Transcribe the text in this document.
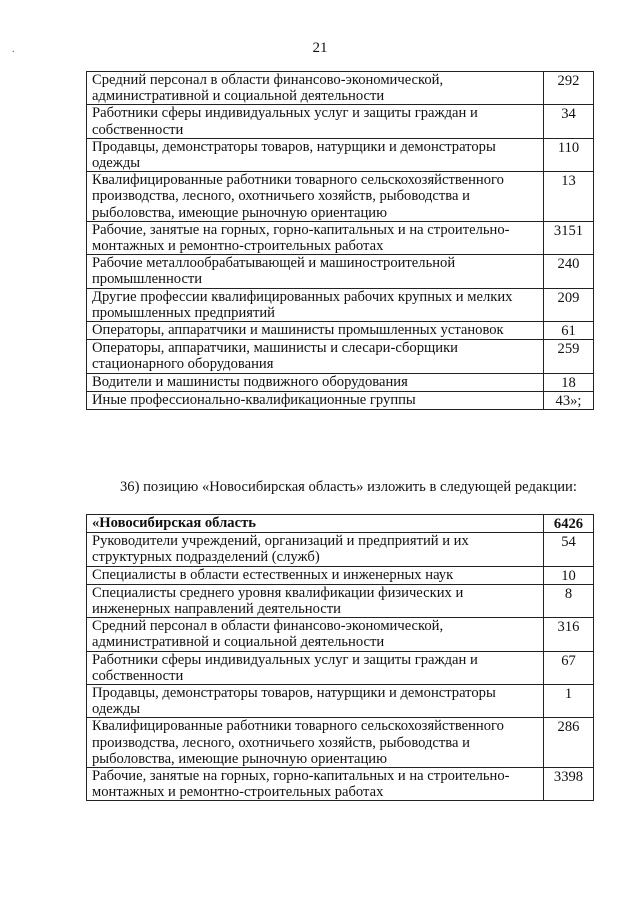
21
.
Средний персонал в области финансово-экономической, административной и социальной деятельности	292
Работники сферы индивидуальных услуг и защиты граждан и собственности	34
Продавцы, демонстраторы товаров, натурщики и демонстраторы одежды	110
Квалифицированные работники товарного сельскохозяйственного производства, лесного, охотничьего хозяйств, рыбоводства и рыболовства, имеющие рыночную ориентацию	13
Рабочие, занятые на горных, горно-капитальных и на строительно-монтажных и ремонтно-строительных работах	3151
Рабочие металлообрабатывающей и машиностроительной промышленности	240
Другие профессии квалифицированных рабочих крупных и мелких промышленных предприятий	209
Операторы, аппаратчики и машинисты промышленных установок	61
Операторы, аппаратчики, машинисты и слесари-сборщики стационарного оборудования	259
Водители и машинисты подвижного оборудования	18
Иные профессионально-квалификационные группы	43»;
36) позицию «Новосибирская область» изложить в следующей редакции:
«Новосибирская область	6426
Руководители учреждений, организаций и предприятий и их структурных подразделений (служб)	54
Специалисты в области естественных и инженерных наук	10
Специалисты среднего уровня квалификации физических и инженерных направлений деятельности	8
Средний персонал в области финансово-экономической, административной и социальной деятельности	316
Работники сферы индивидуальных услуг и защиты граждан и собственности	67
Продавцы, демонстраторы товаров, натурщики и демонстраторы одежды	1
Квалифицированные работники товарного сельскохозяйственного производства, лесного, охотничьего хозяйств, рыбоводства и рыболовства, имеющие рыночную ориентацию	286
Рабочие, занятые на горных, горно-капитальных и на строительно-монтажных и ремонтно-строительных работах	3398
